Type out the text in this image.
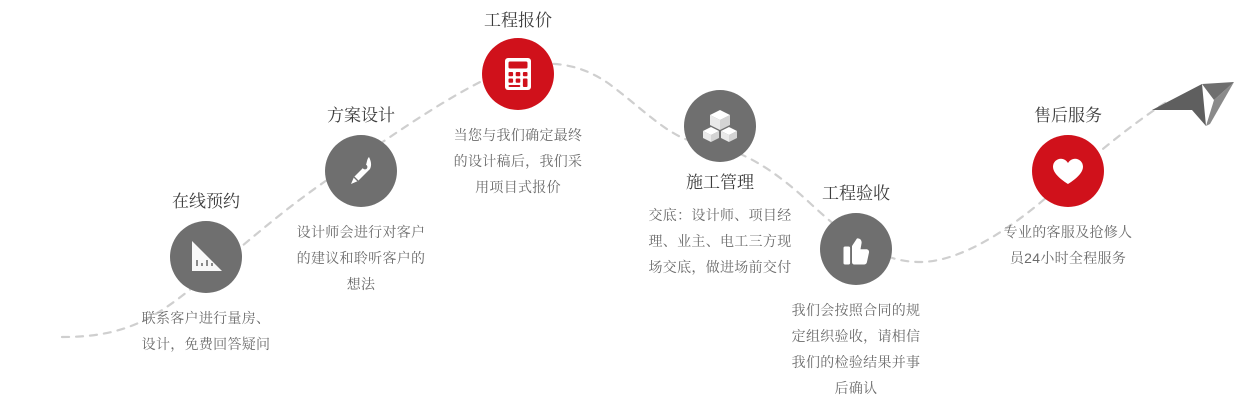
在线预约
联系客户进行量房、设计，免费回答疑问
方案设计
设计师会进行对客户的建议和聆听客户的想法
工程报价
当您与我们确定最终的设计稿后，我们采用项目式报价	施工管理
交底：设计师、项目经理、业主、电工三方现场交底，做进场前交付
工程验收
我们会按照合同的规定组织验收，请相信我们的检验结果并事后确认
售后服务
专业的客服及抢修人员24小时全程服务
